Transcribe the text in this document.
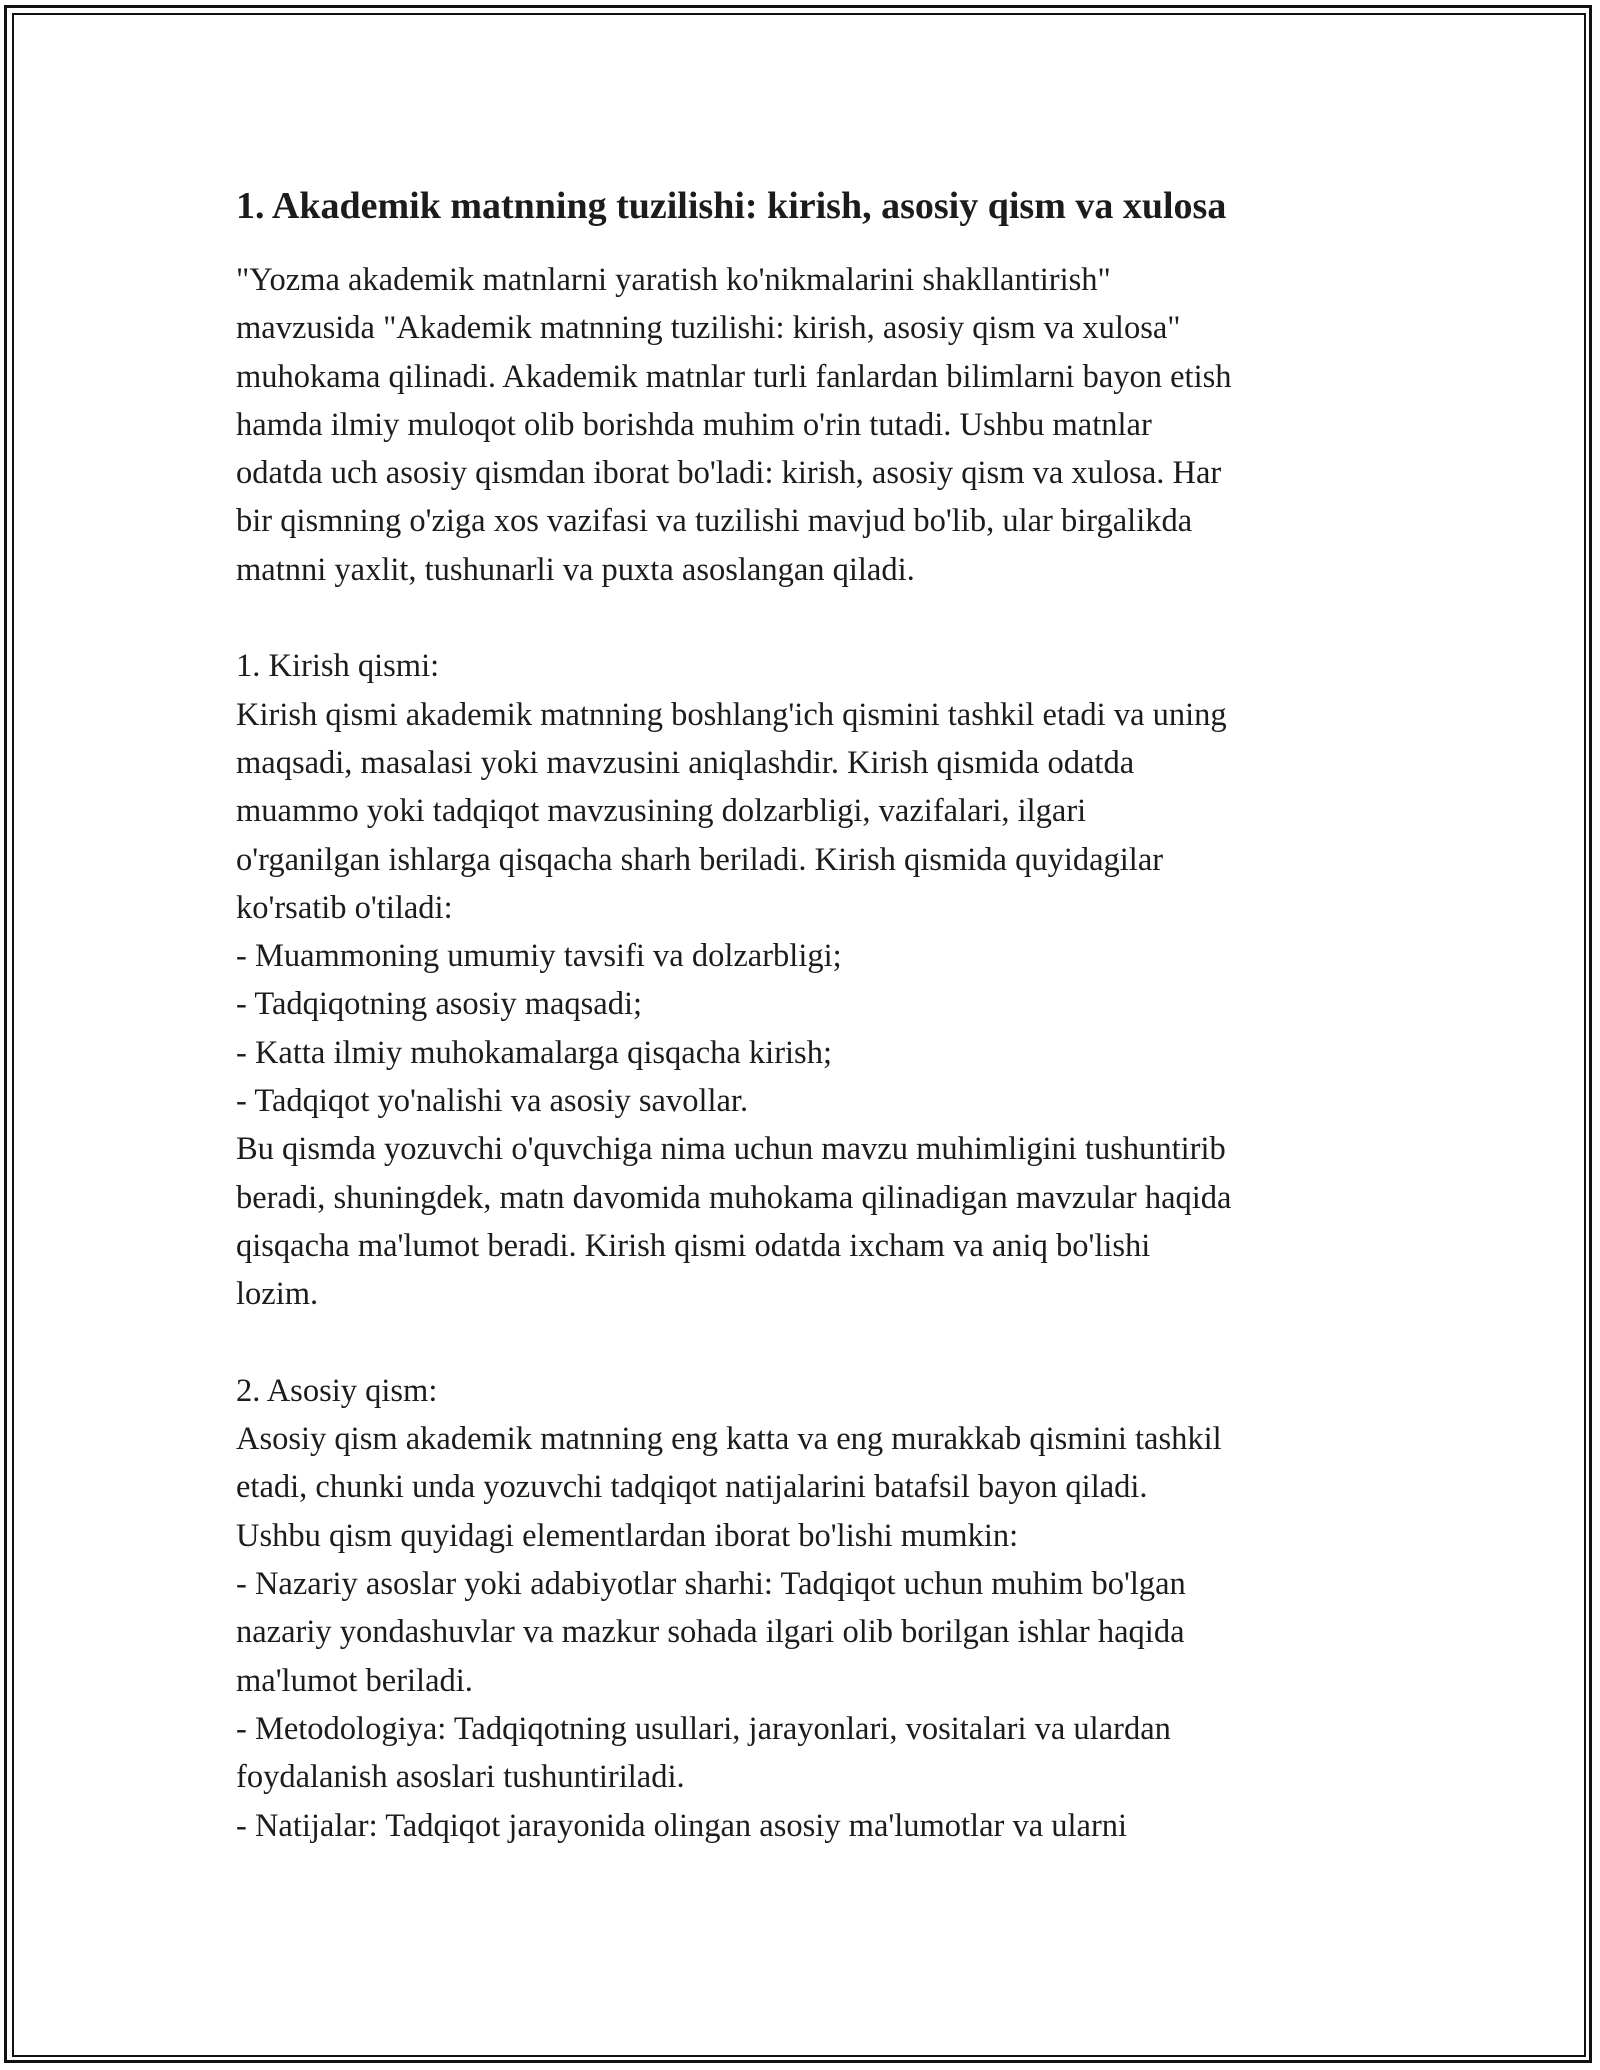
1. Akademik matnning tuzilishi: kirish, asosiy qism va xulosa
"Yozma akademik matnlarni yaratish ko'nikmalarini shakllantirish"
mavzusida "Akademik matnning tuzilishi: kirish, asosiy qism va xulosa"
muhokama qilinadi. Akademik matnlar turli fanlardan bilimlarni bayon etish
hamda ilmiy muloqot olib borishda muhim o'rin tutadi. Ushbu matnlar
odatda uch asosiy qismdan iborat bo'ladi: kirish, asosiy qism va xulosa. Har
bir qismning o'ziga xos vazifasi va tuzilishi mavjud bo'lib, ular birgalikda
matnni yaxlit, tushunarli va puxta asoslangan qiladi.
1. Kirish qismi:
Kirish qismi akademik matnning boshlang'ich qismini tashkil etadi va uning
maqsadi, masalasi yoki mavzusini aniqlashdir. Kirish qismida odatda
muammo yoki tadqiqot mavzusining dolzarbligi, vazifalari, ilgari
o'rganilgan ishlarga qisqacha sharh beriladi. Kirish qismida quyidagilar
ko'rsatib o'tiladi:
- Muammoning umumiy tavsifi va dolzarbligi;
- Tadqiqotning asosiy maqsadi;
- Katta ilmiy muhokamalarga qisqacha kirish;
- Tadqiqot yo'nalishi va asosiy savollar.
Bu qismda yozuvchi o'quvchiga nima uchun mavzu muhimligini tushuntirib
beradi, shuningdek, matn davomida muhokama qilinadigan mavzular haqida
qisqacha ma'lumot beradi. Kirish qismi odatda ixcham va aniq bo'lishi
lozim.
2. Asosiy qism:
Asosiy qism akademik matnning eng katta va eng murakkab qismini tashkil
etadi, chunki unda yozuvchi tadqiqot natijalarini batafsil bayon qiladi.
Ushbu qism quyidagi elementlardan iborat bo'lishi mumkin:
- Nazariy asoslar yoki adabiyotlar sharhi: Tadqiqot uchun muhim bo'lgan
nazariy yondashuvlar va mazkur sohada ilgari olib borilgan ishlar haqida
ma'lumot beriladi.
- Metodologiya: Tadqiqotning usullari, jarayonlari, vositalari va ulardan
foydalanish asoslari tushuntiriladi.
- Natijalar: Tadqiqot jarayonida olingan asosiy ma'lumotlar va ularni
